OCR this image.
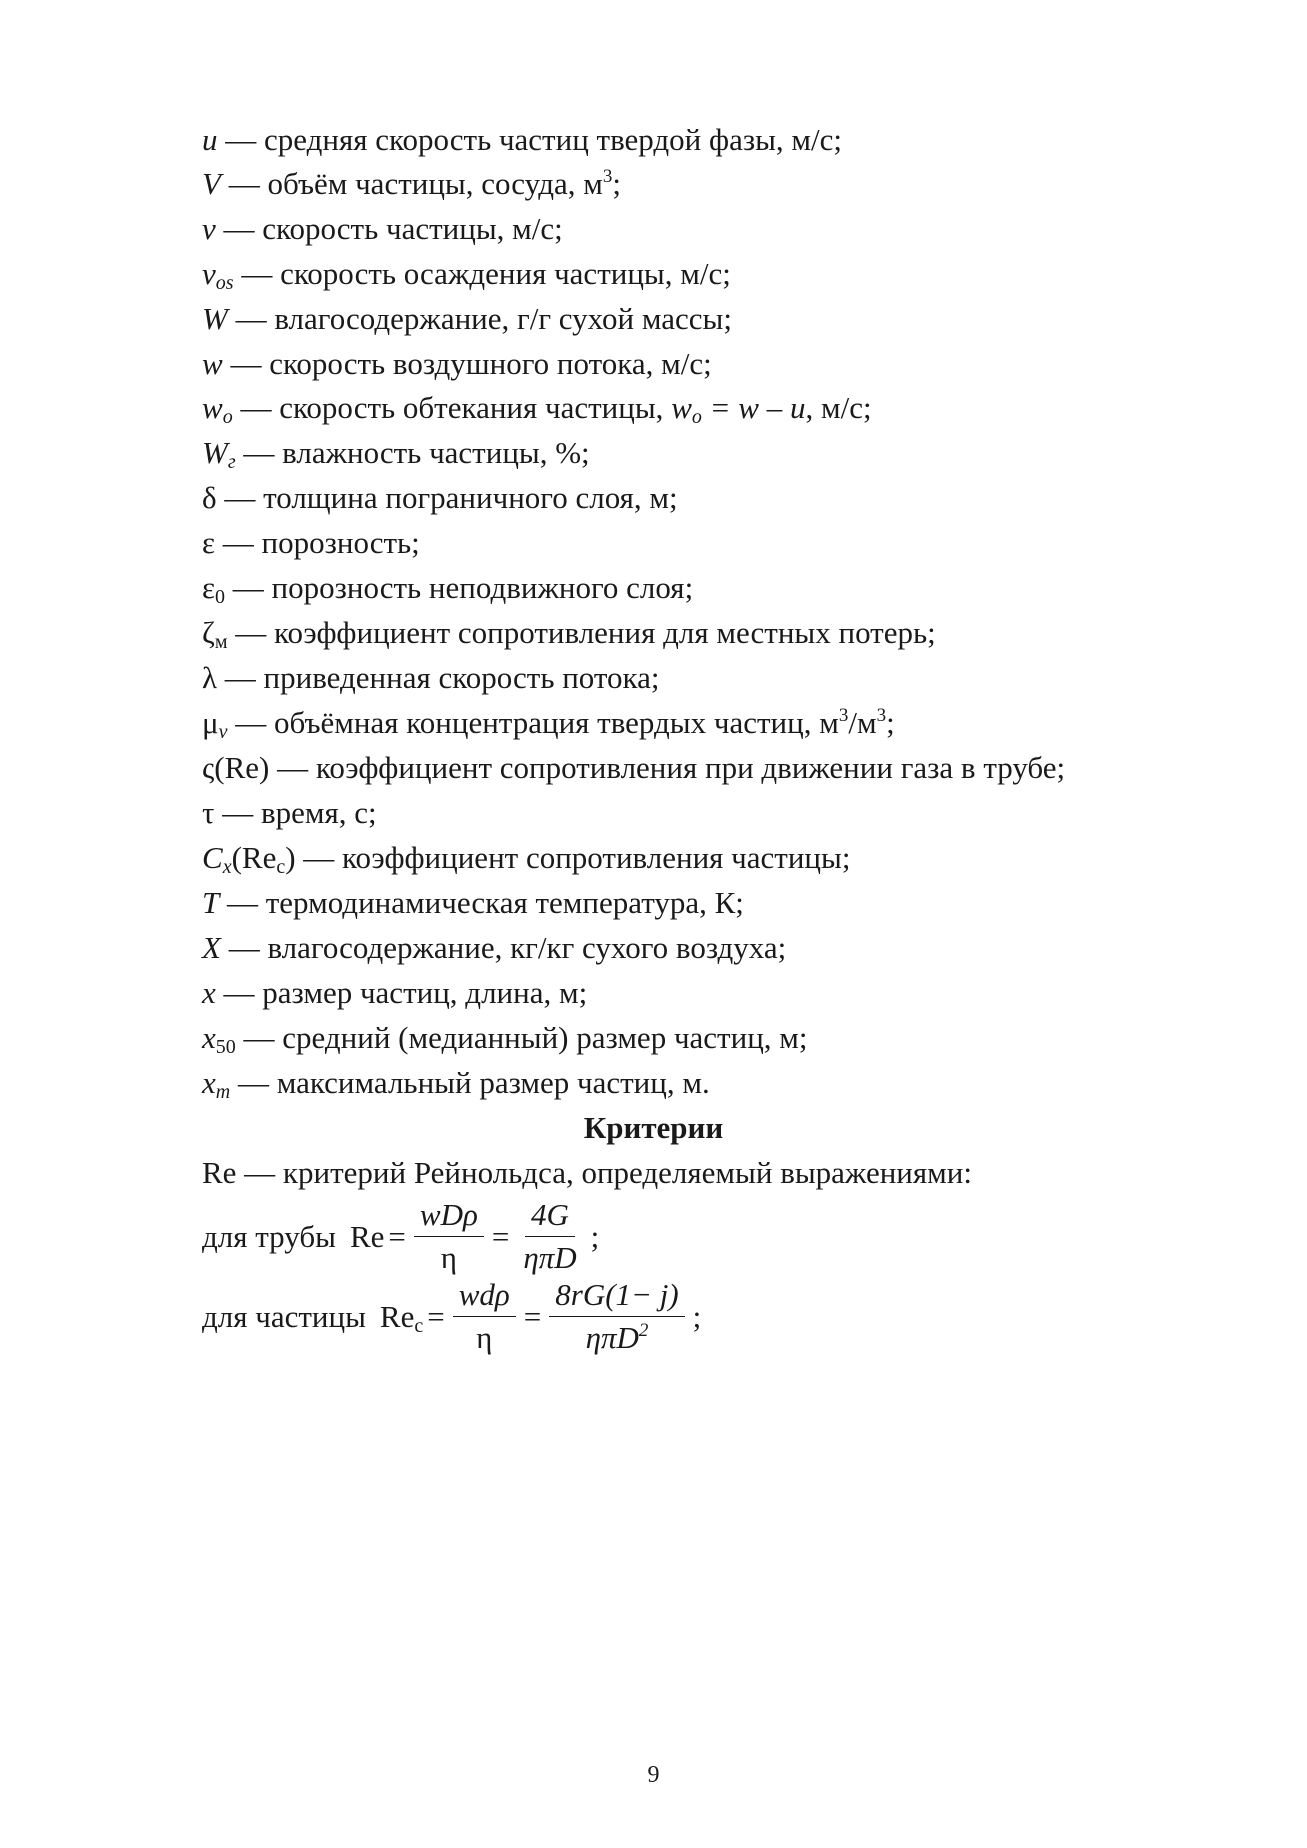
u — средняя скорость частиц твердой фазы, м/с;
V — объём частицы, сосуда, $м^3$;
v — скорость частицы, м/с;
vos — скорость осаждения частицы, м/с;
W — влагосодержание, г/г сухой массы;
w — скорость воздушного потока, м/с;
wo — скорость обтекания частицы, wo = w – u, м/с;
Wг — влажность частицы, %;
δ — толщина пограничного слоя, м;
ε — порозность;
$\varepsilon_0$ — порозность неподвижного слоя;
$\zeta_м$ — коэффициент сопротивления для местных потерь;
λ — приведенная скорость потока;
μv — объёмная концентрация твердых частиц, $м^3/м^3$;
ς(Re) — коэффициент сопротивления при движении газа в трубе;
τ — время, с;
$Cx(Re_c)$ — коэффициент сопротивления частицы;
T — термодинамическая температура, К;
X — влагосодержание, кг/кг сухого воздуха;
x — размер частиц, длина, м;
$x_{50}$ — средний (медианный) размер частиц, м;
xm — максимальный размер частиц, м.
Критерии
Re — критерий Рейнольдса, определяемый выражениями:
для трубы $Re = \frac{\text{wDρ}}{\eta} = \frac{4G}{\text{ηπD}}$ ;
для частицы $Re_c = \frac{\text{wdρ}}{\eta} = \frac{8rG(1- j)}{\eta\pi D^2}$ ;
9
